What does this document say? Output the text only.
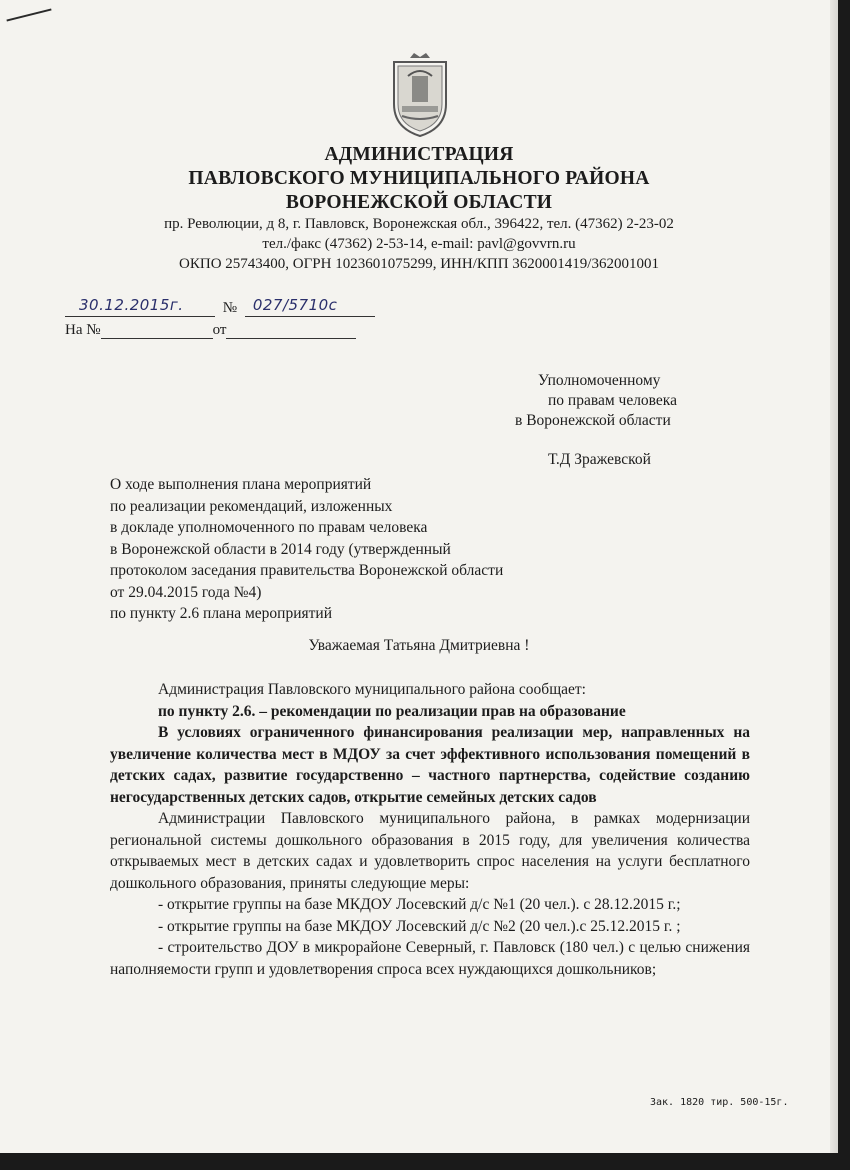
АДМИНИСТРАЦИЯ
ПАВЛОВСКОГО МУНИЦИПАЛЬНОГО РАЙОНА
ВОРОНЕЖСКОЙ ОБЛАСТИ
пр. Революции, д 8, г. Павловск, Воронежская обл., 396422, тел. (47362) 2-23-02
тел./факс (47362) 2-53-14, e-mail: pavl@govvrn.ru
ОКПО 25743400, ОГРН 1023601075299, ИНН/КПП 3620001419/362001001
30.12.2015г.	№ 027/5710с
На №	от
Уполномоченному
по правам человека
в Воронежской области
Т.Д Зражевской
О ходе выполнения плана мероприятий
по реализации рекомендаций, изложенных
в докладе уполномоченного по правам человека
в Воронежской области в 2014 году (утвержденный
протоколом заседания правительства Воронежской области
от 29.04.2015 года №4)
по пункту 2.6 плана мероприятий
Уважаемая Татьяна Дмитриевна !
Администрация Павловского муниципального района сообщает:
по пункту 2.6. – рекомендации по реализации прав на образование
В условиях ограниченного финансирования реализации мер, направленных на увеличение количества мест в МДОУ за счет эффективного использования помещений в детских садах, развитие государственно – частного партнерства, содействие созданию негосударственных детских садов, открытие семейных детских садов
Администрации Павловского муниципального района, в рамках модернизации региональной системы дошкольного образования в 2015 году, для увеличения количества открываемых мест в детских садах и удовлетворить спрос населения на услуги бесплатного дошкольного образования, приняты следующие меры:
- открытие группы на базе МКДОУ Лосевский д/с №1 (20 чел.). с 28.12.2015 г.;
- открытие группы на базе МКДОУ Лосевский д/с №2 (20 чел.).с 25.12.2015 г. ;
- строительство ДОУ в микрорайоне Северный, г. Павловск (180 чел.) с целью снижения наполняемости групп и удовлетворения спроса всех нуждающихся дошкольников;
Зак. 1820 тир. 500-15г.
